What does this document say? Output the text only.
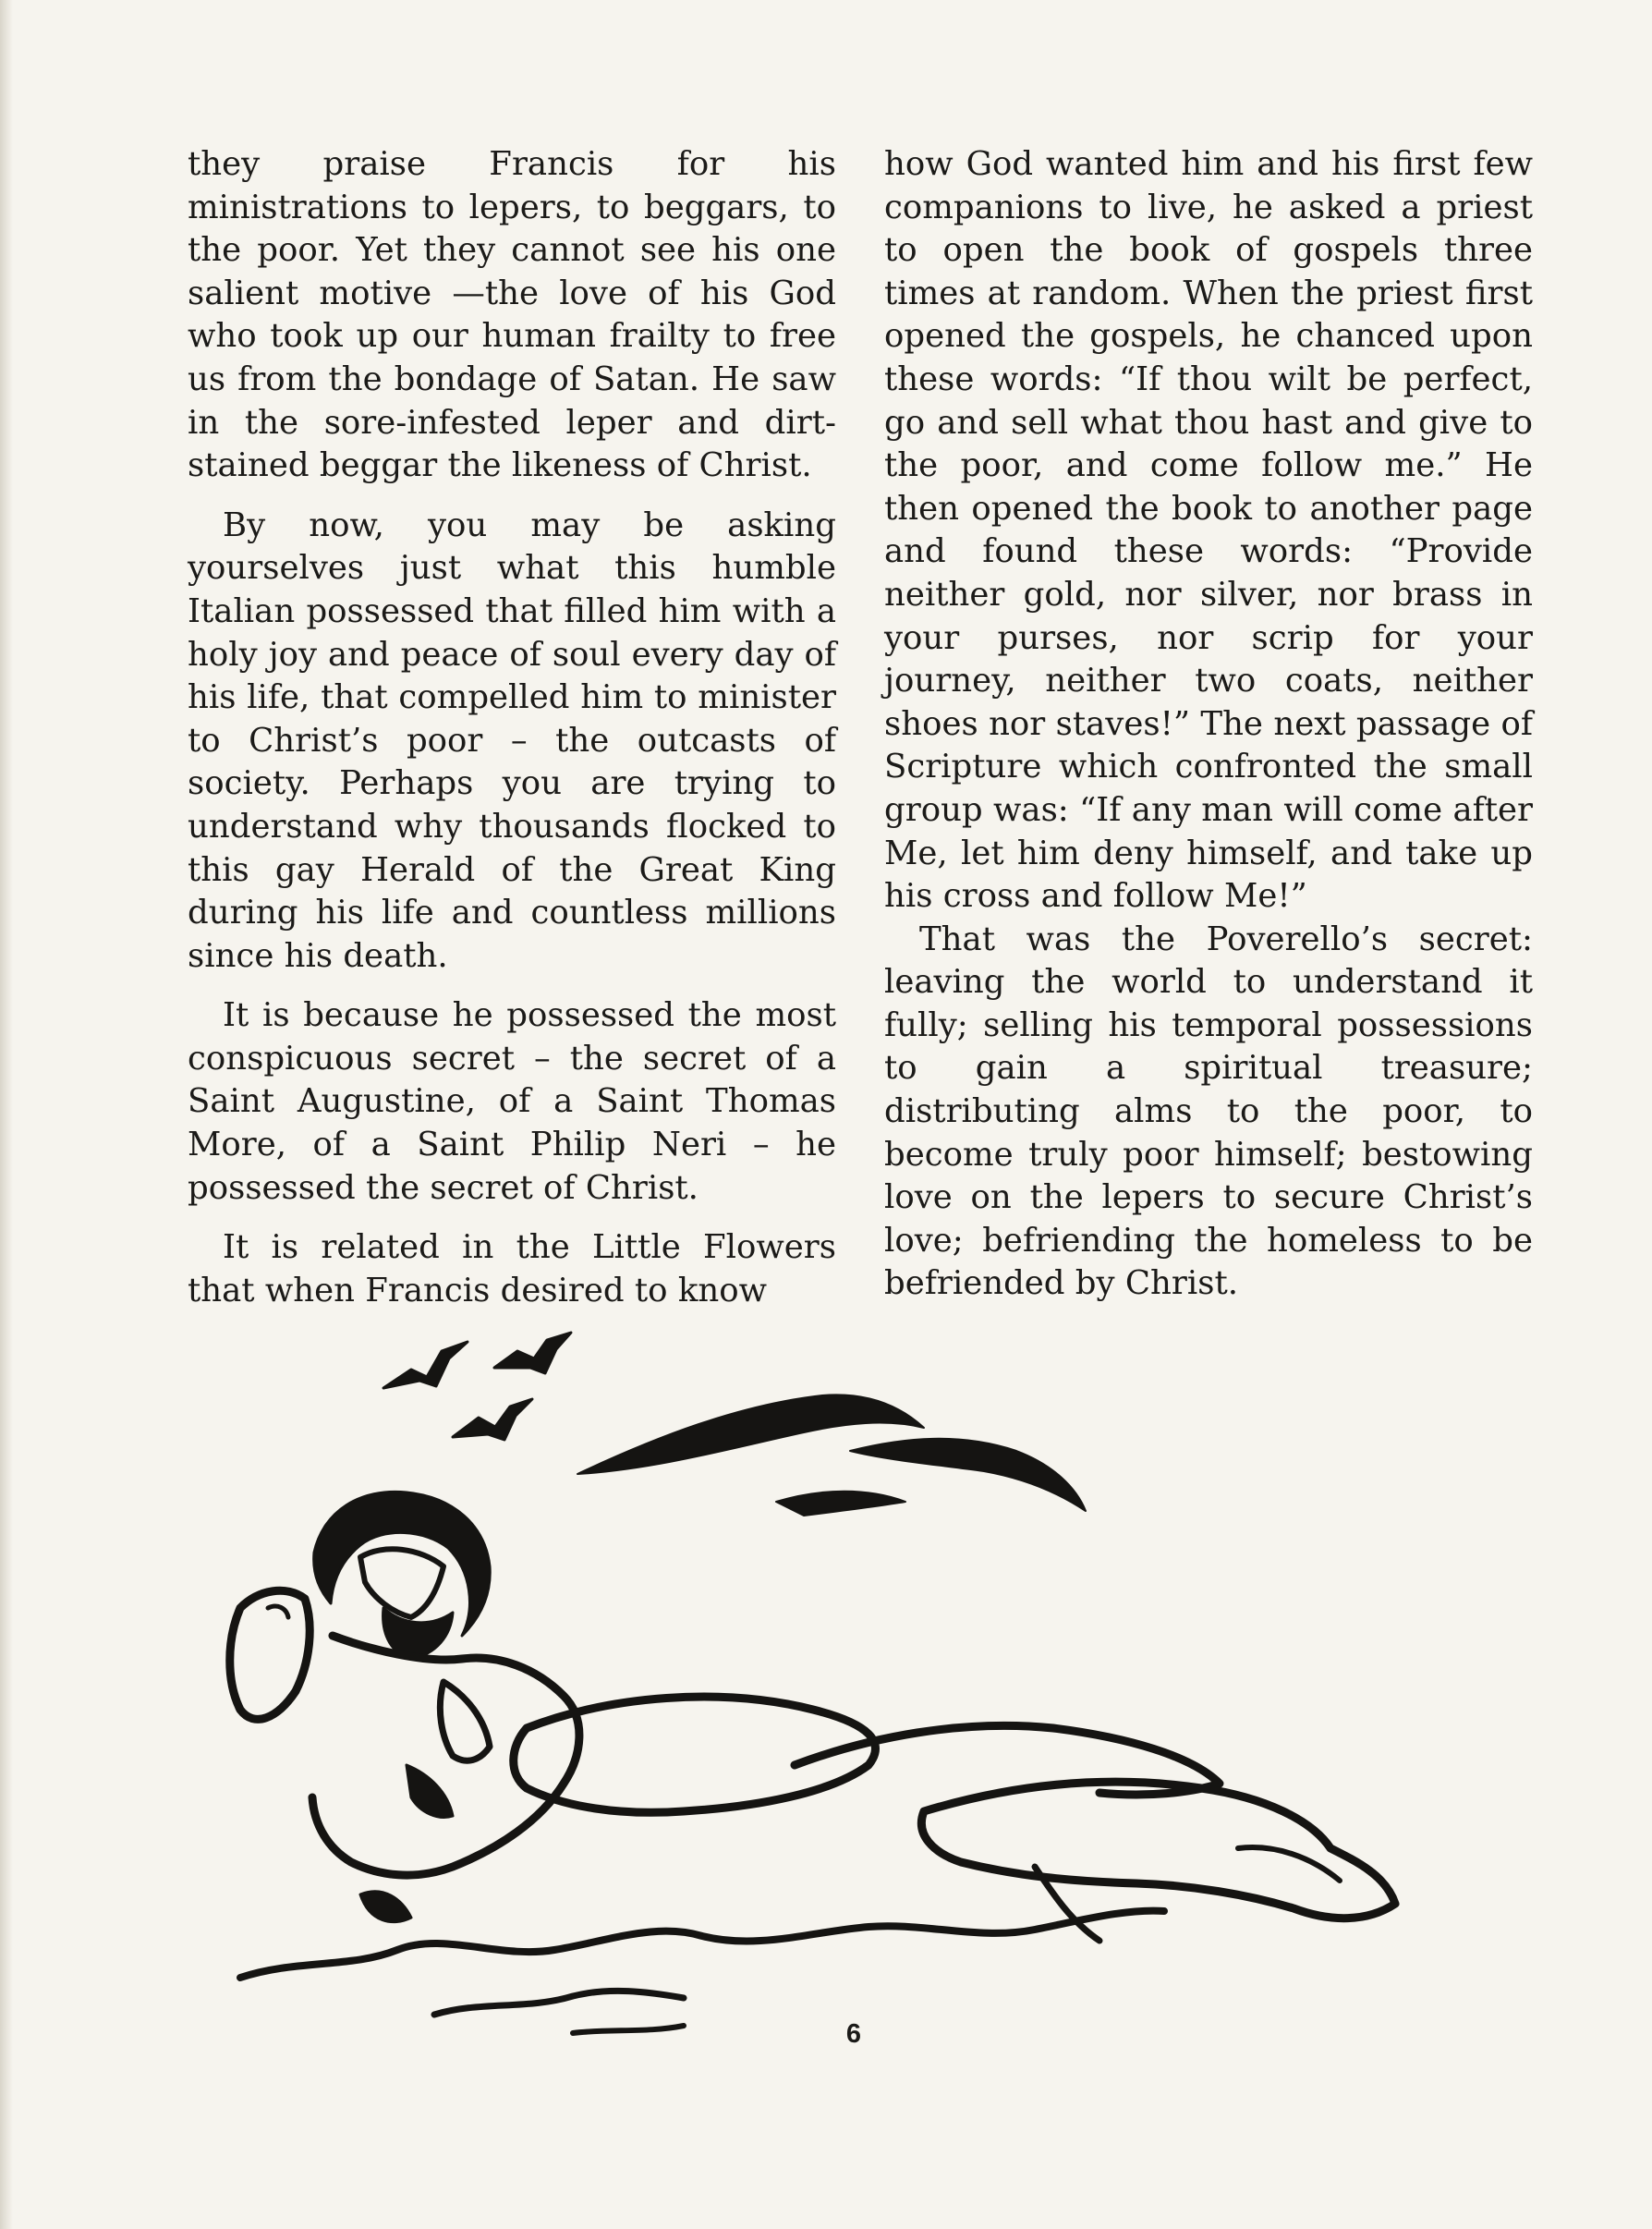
they praise Francis for his ministrations to lepers, to beggars, to the poor. Yet they cannot see his one salient motive —the love of his God who took up our human frailty to free us from the bondage of Satan. He saw in the sore-infested leper and dirt-stained beggar the likeness of Christ.

By now, you may be asking yourselves just what this humble Italian possessed that filled him with a holy joy and peace of soul every day of his life, that compelled him to minister to Christ’s poor – the outcasts of society. Perhaps you are trying to understand why thousands flocked to this gay Herald of the Great King during his life and countless millions since his death.

It is because he possessed the most conspicuous secret – the secret of a Saint Augustine, of a Saint Thomas More, of a Saint Philip Neri – he possessed the secret of Christ.

It is related in the Little Flowers that when Francis desired to know

how God wanted him and his first few companions to live, he asked a priest to open the book of gospels three times at random. When the priest first opened the gospels, he chanced upon these words: “If thou wilt be perfect, go and sell what thou hast and give to the poor, and come follow me.” He then opened the book to another page and found these words: “Provide neither gold, nor silver, nor brass in your purses, nor scrip for your journey, neither two coats, neither shoes nor staves!” The next passage of Scripture which confronted the small group was: “If any man will come after Me, let him deny himself, and take up his cross and follow Me!”

That was the Poverello’s secret: leaving the world to understand it fully; selling his temporal possessions to gain a spiritual treasure; distributing alms to the poor, to become truly poor himself; bestowing love on the lepers to secure Christ’s love; befriending the homeless to be befriended by Christ.

6
